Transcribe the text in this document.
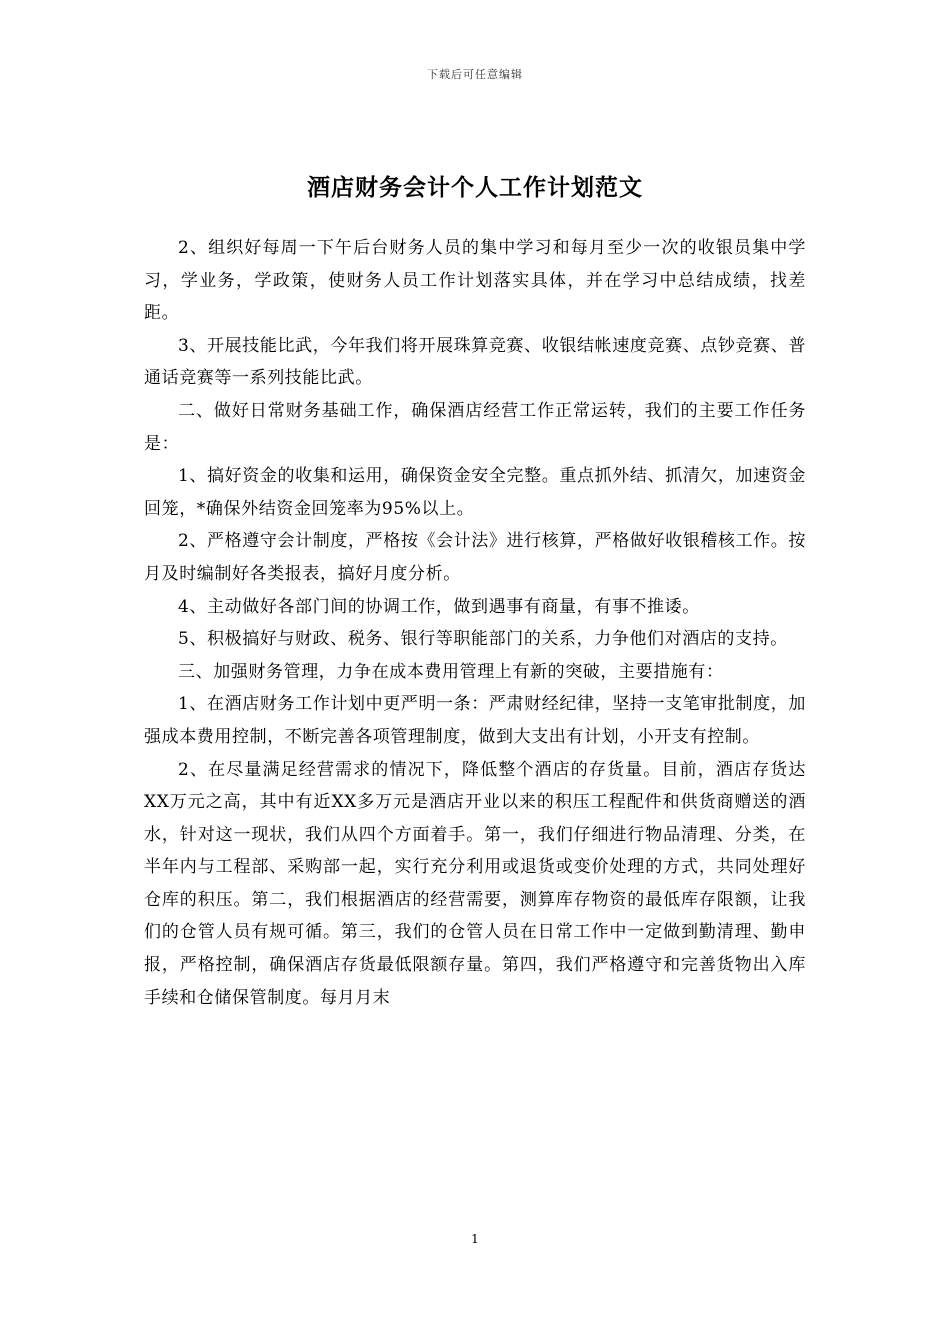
下载后可任意编辑
酒店财务会计个人工作计划范文

2、组织好每周一下午后台财务人员的集中学习和每月至少一次的收银员集中学习，学业务，学政策，使财务人员工作计划落实具体，并在学习中总结成绩，找差距。

3、开展技能比武，今年我们将开展珠算竞赛、收银结帐速度竞赛、点钞竞赛、普通话竞赛等一系列技能比武。

二、做好日常财务基础工作，确保酒店经营工作正常运转，我们的主要工作任务是：

1、搞好资金的收集和运用，确保资金安全完整。重点抓外结、抓清欠，加速资金回笼，*确保外结资金回笼率为95%以上。

2、严格遵守会计制度，严格按《会计法》进行核算，严格做好收银稽核工作。按月及时编制好各类报表，搞好月度分析。

4、主动做好各部门间的协调工作，做到遇事有商量，有事不推诿。

5、积极搞好与财政、税务、银行等职能部门的关系，力争他们对酒店的支持。

三、加强财务管理，力争在成本费用管理上有新的突破，主要措施有：

1、在酒店财务工作计划中更严明一条：严肃财经纪律，坚持一支笔审批制度，加强成本费用控制，不断完善各项管理制度，做到大支出有计划，小开支有控制。

2、在尽量满足经营需求的情况下，降低整个酒店的存货量。目前，酒店存货达XX万元之高，其中有近XX多万元是酒店开业以来的积压工程配件和供货商赠送的酒水，针对这一现状，我们从四个方面着手。第一，我们仔细进行物品清理、分类，在半年内与工程部、采购部一起，实行充分利用或退货或变价处理的方式，共同处理好仓库的积压。第二，我们根据酒店的经营需要，测算库存物资的最低库存限额，让我们的仓管人员有规可循。第三，我们的仓管人员在日常工作中一定做到勤清理、勤申报，严格控制，确保酒店存货最低限额存量。第四，我们严格遵守和完善货物出入库手续和仓储保管制度。每月月末

1
